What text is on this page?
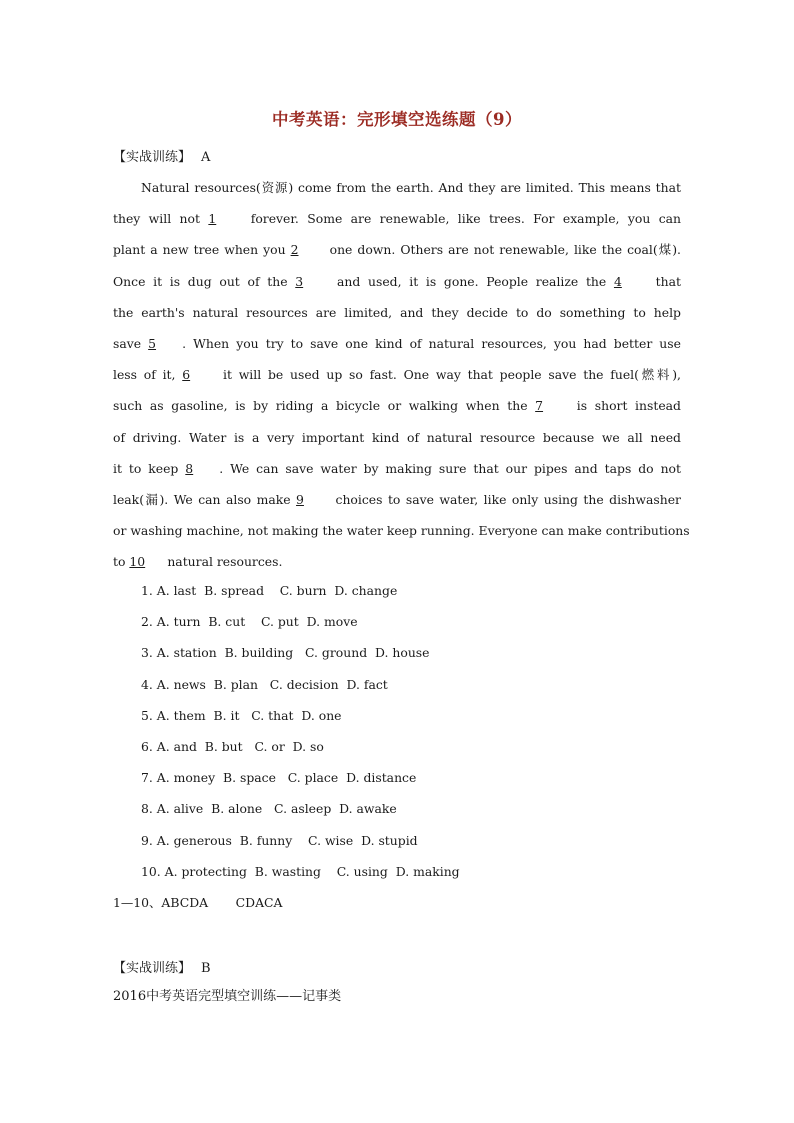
中考英语：完形填空选练题（9）
【实战训练】 A
Natural resources(资源) come from the earth. And they are limited. This means that
they will not 1 forever. Some are renewable, like trees. For example, you can
plant a new tree when you 2 one down. Others are not renewable, like the coal(煤).
Once it is dug out of the 3 and used, it is gone. People realize the 4 that
the earth's natural resources are limited, and they decide to do something to help
save 5 . When you try to save one kind of natural resources, you had better use
less of it, 6 it will be used up so fast. One way that people save the fuel(燃料),
such as gasoline, is by riding a bicycle or walking when the 7 is short instead
of driving. Water is a very important kind of natural resource because we all need
it to keep 8 . We can save water by making sure that our pipes and taps do not
leak(漏). We can also make 9 choices to save water, like only using the dishwasher
or washing machine, not making the water keep running. Everyone can make contributions
to 10 natural resources.
1. A. last  B. spread    C. burn  D. change
2. A. turn  B. cut    C. put  D. move
3. A. station  B. building   C. ground  D. house
4. A. news  B. plan   C. decision  D. fact
5. A. them  B. it   C. that  D. one
6. A. and  B. but   C. or  D. so
7. A. money  B. space   C. place  D. distance
8. A. alive  B. alone   C. asleep  D. awake
9. A. generous  B. funny    C. wise  D. stupid
10. A. protecting  B. wasting    C. using  D. making
1—10、ABCDA       CDACA
【实战训练】 B
2016中考英语完型填空训练——记事类
